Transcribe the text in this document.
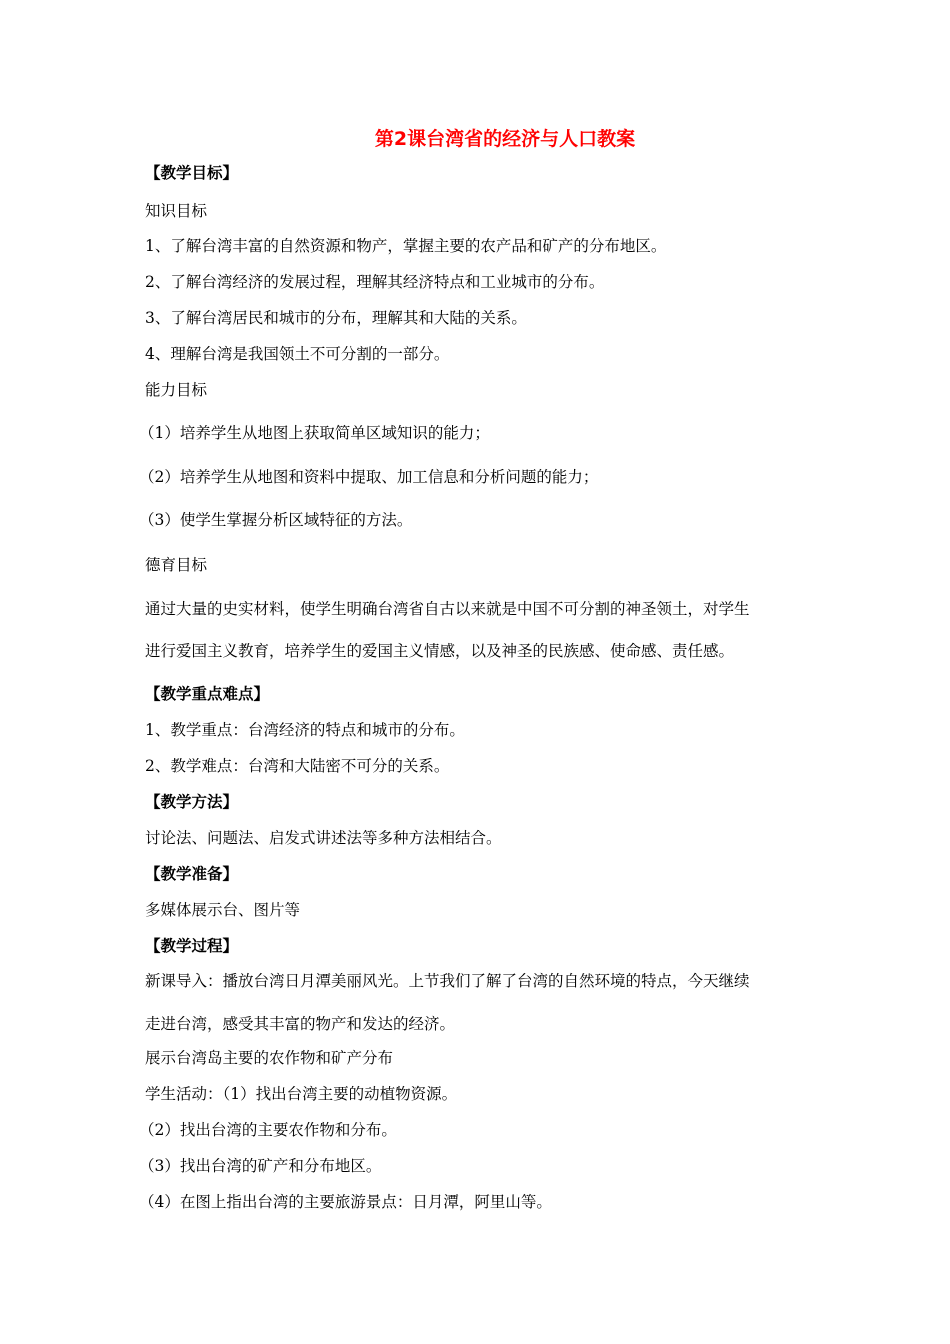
第2课台湾省的经济与人口教案
【教学目标】
知识目标
1、了解台湾丰富的自然资源和物产，掌握主要的农产品和矿产的分布地区。
2、了解台湾经济的发展过程，理解其经济特点和工业城市的分布。
3、了解台湾居民和城市的分布，理解其和大陆的关系。
4、理解台湾是我国领土不可分割的一部分。
能力目标
（1）培养学生从地图上获取简单区域知识的能力；
（2）培养学生从地图和资料中提取、加工信息和分析问题的能力；
（3）使学生掌握分析区域特征的方法。
德育目标
通过大量的史实材料，使学生明确台湾省自古以来就是中国不可分割的神圣领土，对学生
进行爱国主义教育，培养学生的爱国主义情感，以及神圣的民族感、使命感、责任感。
【教学重点难点】
1、教学重点：台湾经济的特点和城市的分布。
2、教学难点：台湾和大陆密不可分的关系。
【教学方法】
讨论法、问题法、启发式讲述法等多种方法相结合。
【教学准备】
多媒体展示台、图片等
【教学过程】
新课导入：播放台湾日月潭美丽风光。上节我们了解了台湾的自然环境的特点，今天继续
走进台湾，感受其丰富的物产和发达的经济。
展示台湾岛主要的农作物和矿产分布
学生活动：（1）找出台湾主要的动植物资源。
（2）找出台湾的主要农作物和分布。
（3）找出台湾的矿产和分布地区。
（4）在图上指出台湾的主要旅游景点：日月潭，阿里山等。
